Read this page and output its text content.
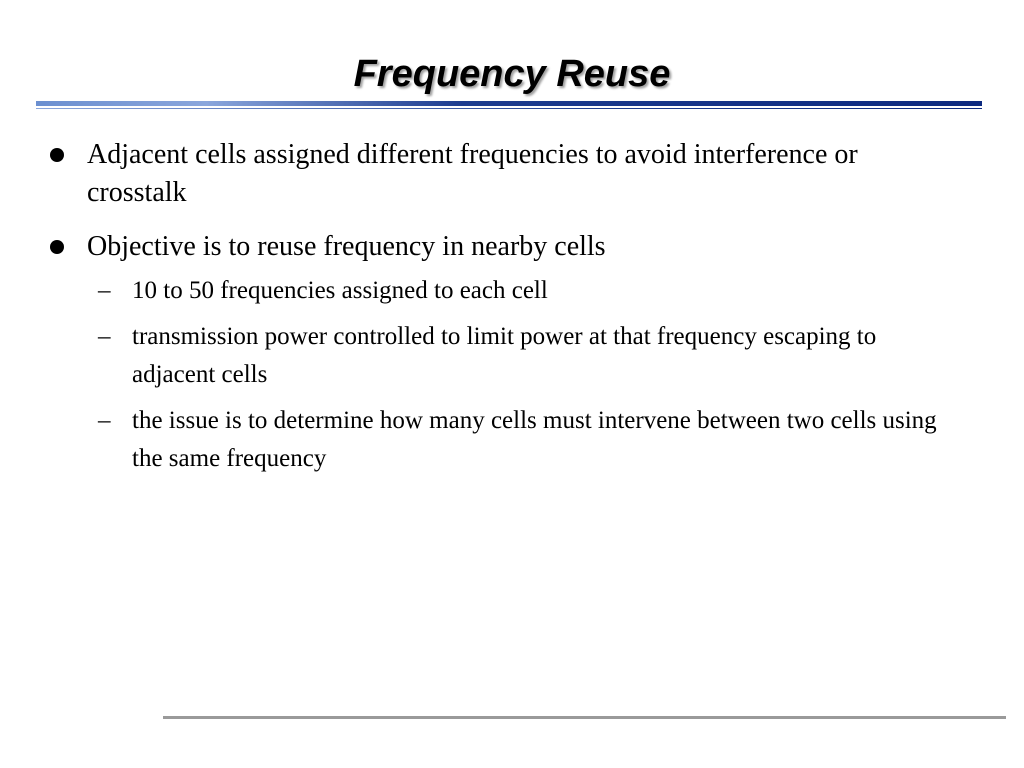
Frequency Reuse
Adjacent cells assigned different frequencies to avoid interference or crosstalk
Objective is to reuse frequency in nearby cells
– 10 to 50 frequencies assigned to each cell
– transmission power controlled to limit power at that frequency escaping to adjacent cells
– the issue is to determine how many cells must intervene between two cells using the same frequency
